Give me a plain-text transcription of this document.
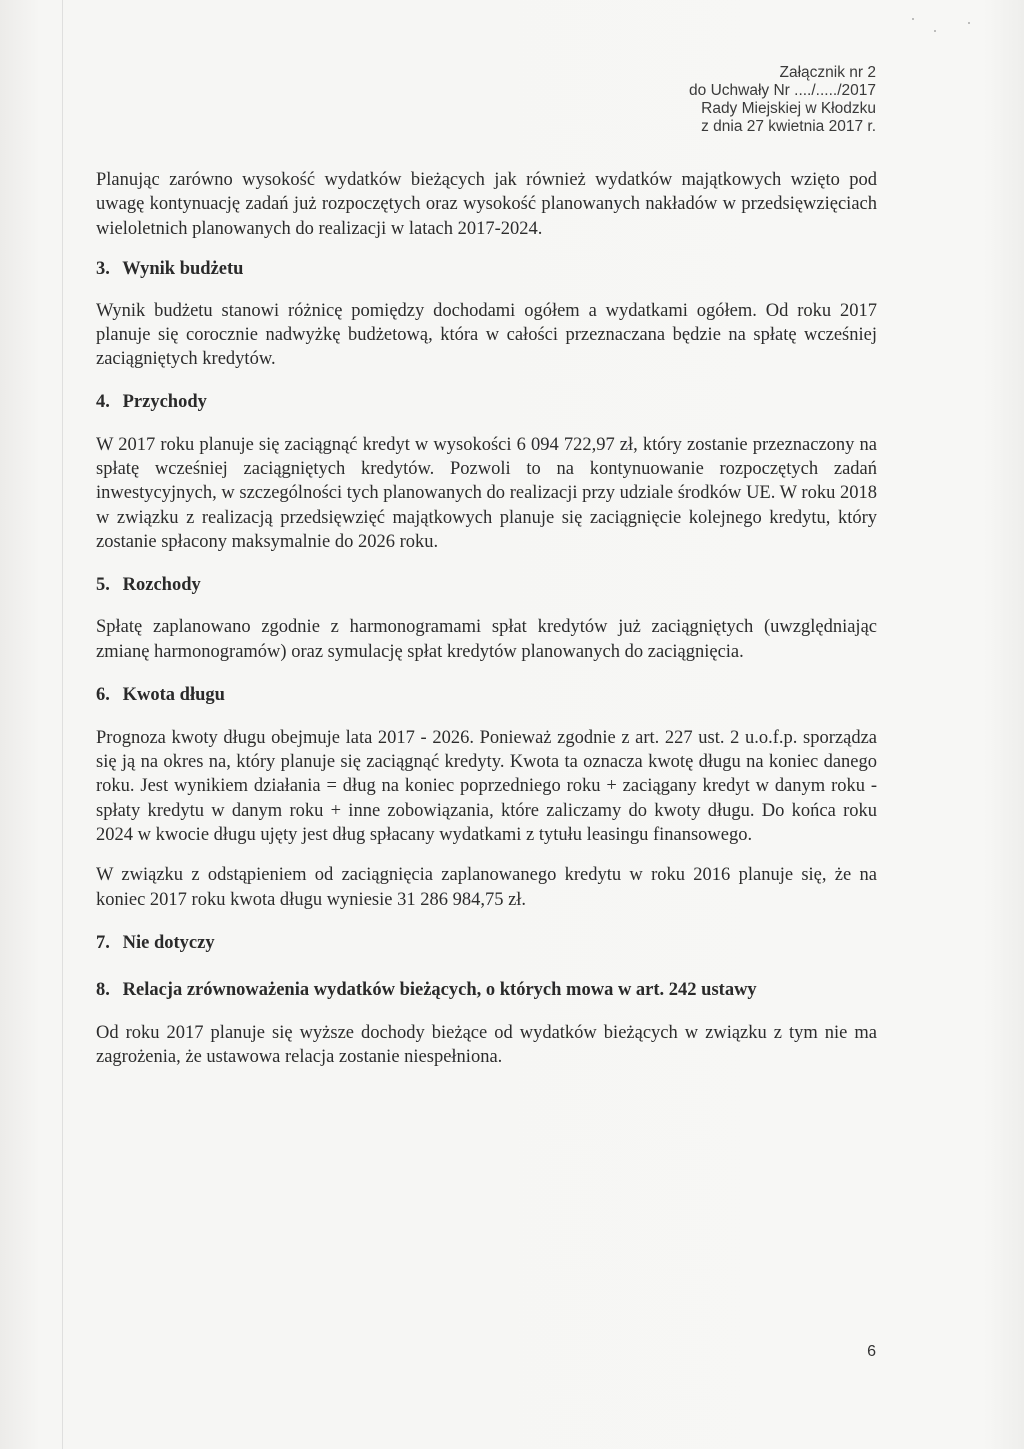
Załącznik nr 2
do Uchwały Nr ..../...../2017
Rady Miejskiej w Kłodzku
z dnia 27 kwietnia 2017 r.

Planując zarówno wysokość wydatków bieżących jak również wydatków majątkowych wzięto pod uwagę kontynuację zadań już rozpoczętych oraz wysokość planowanych nakładów w przedsięwzięciach wieloletnich planowanych do realizacji w latach 2017-2024.

3. Wynik budżetu

Wynik budżetu stanowi różnicę pomiędzy dochodami ogółem a wydatkami ogółem. Od roku 2017 planuje się corocznie nadwyżkę budżetową, która w całości przeznaczana będzie na spłatę wcześniej zaciągniętych kredytów.

4. Przychody

W 2017 roku planuje się zaciągnąć kredyt w wysokości 6 094 722,97 zł, który zostanie przeznaczony na spłatę wcześniej zaciągniętych kredytów. Pozwoli to na kontynuowanie rozpoczętych zadań inwestycyjnych, w szczególności tych planowanych do realizacji przy udziale środków UE. W roku 2018 w związku z realizacją przedsięwzięć majątkowych planuje się zaciągnięcie kolejnego kredytu, który zostanie spłacony maksymalnie do 2026 roku.

5. Rozchody

Spłatę zaplanowano zgodnie z harmonogramami spłat kredytów już zaciągniętych (uwzględniając zmianę harmonogramów) oraz symulację spłat kredytów planowanych do zaciągnięcia.

6. Kwota długu

Prognoza kwoty długu obejmuje lata 2017 - 2026. Ponieważ zgodnie z art. 227 ust. 2 u.o.f.p. sporządza się ją na okres na, który planuje się zaciągnąć kredyty. Kwota ta oznacza kwotę długu na koniec danego roku. Jest wynikiem działania = dług na koniec poprzedniego roku + zaciągany kredyt w danym roku - spłaty kredytu w danym roku + inne zobowiązania, które zaliczamy do kwoty długu. Do końca roku 2024 w kwocie długu ujęty jest dług spłacany wydatkami z tytułu leasingu finansowego.

W związku z odstąpieniem od zaciągnięcia zaplanowanego kredytu w roku 2016 planuje się, że na koniec 2017 roku kwota długu wyniesie 31 286 984,75 zł.

7. Nie dotyczy
8. Relacja zrównoważenia wydatków bieżących, o których mowa w art. 242 ustawy

Od roku 2017 planuje się wyższe dochody bieżące od wydatków bieżących w związku z tym nie ma zagrożenia, że ustawowa relacja zostanie niespełniona.

6
